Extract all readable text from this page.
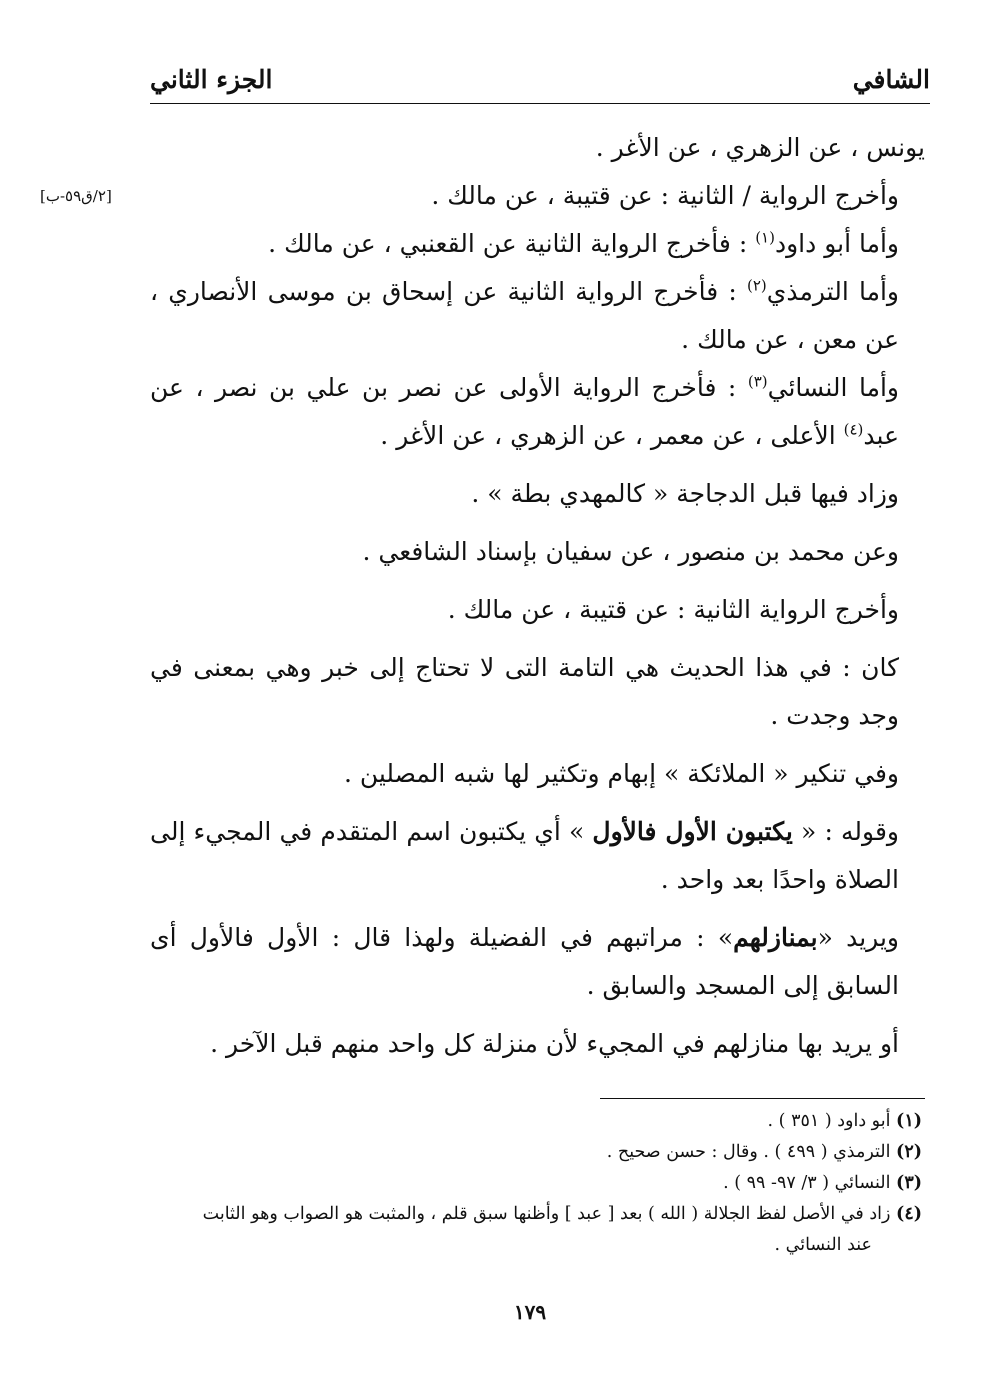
الشافي
الجزء الثاني
[٢/ق٥٩-ب]

يونس ، عن الزهري ، عن الأغر .

وأخرج الرواية / الثانية : عن قتيبة ، عن مالك .

وأما أبو داود$^{(١)}$ : فأخرج الرواية الثانية عن القعنبي ، عن مالك .

وأما الترمذي$^{(٢)}$ : فأخرج الرواية الثانية عن إسحاق بن موسى الأنصاري ، عن معن ، عن مالك .

وأما النسائي$^{(٣)}$ : فأخرج الرواية الأولى عن نصر بن علي بن نصر ، عن عبد$^{(٤)}$ الأعلى ، عن معمر ، عن الزهري ، عن الأغر .

وزاد فيها قبل الدجاجة « كالمهدي بطة » .

وعن محمد بن منصور ، عن سفيان بإسناد الشافعي .

وأخرج الرواية الثانية : عن قتيبة ، عن مالك .

كان : في هذا الحديث هي التامة التى لا تحتاج إلى خبر وهي بمعنى في وجد وجدت .

وفي تنكير « الملائكة » إبهام وتكثير لها شبه المصلين .

وقوله : « يكتبون الأول فالأول » أي يكتبون اسم المتقدم في المجيء إلى الصلاة واحدًا بعد واحد .

ويريد «بمنازلهم» : مراتبهم في الفضيلة ولهذا قال : الأول فالأول أى السابق إلى المسجد والسابق .

أو يريد بها منازلهم في المجيء لأن منزلة كل واحد منهم قبل الآخر .

(١) أبو داود ( ٣٥١ ) .

(٢) الترمذي ( ٤٩٩ ) . وقال : حسن صحيح .

(٣) النسائي ( ٣/ ٩٧- ٩٩ ) .

(٤) زاد في الأصل لفظ الجلالة ( الله ) بعد [ عبد ] وأظنها سبق قلم ، والمثبت هو الصواب وهو الثابت

عند النسائي .

١٧٩
